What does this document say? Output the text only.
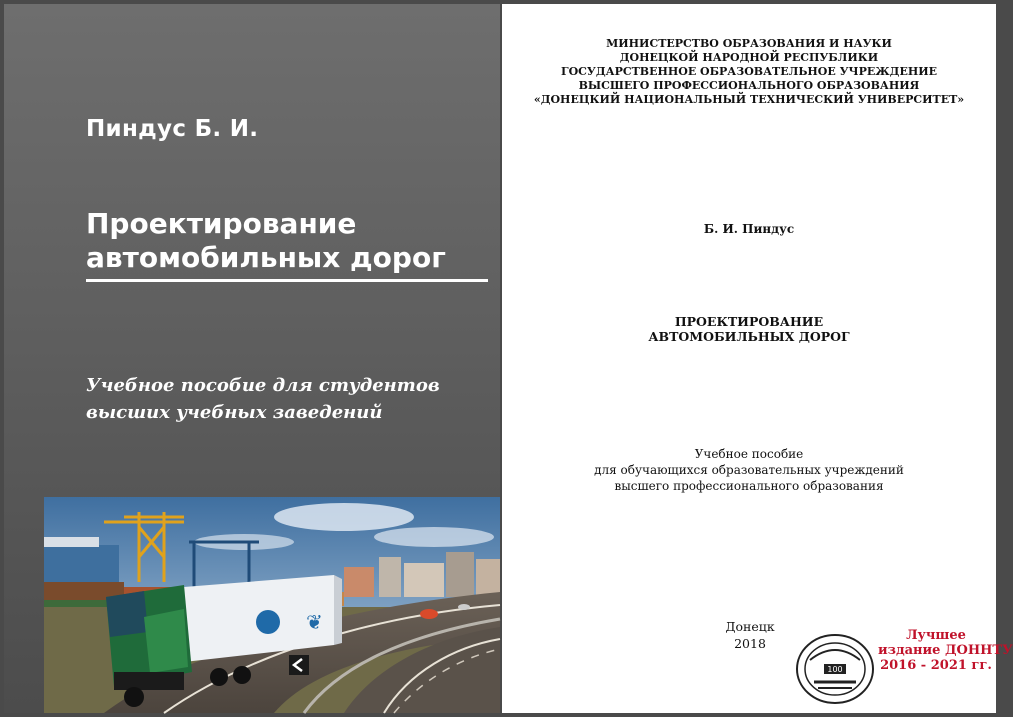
Пиндус Б. И.
Проектирование
автомобильных дорог
Учебное пособие для студентов
высших учебных заведений
❦
МИНИСТЕРСТВО ОБРАЗОВАНИЯ И НАУКИ
ДОНЕЦКОЙ НАРОДНОЙ РЕСПУБЛИКИ
ГОСУДАРСТВЕННОЕ ОБРАЗОВАТЕЛЬНОЕ УЧРЕЖДЕНИЕ
ВЫСШЕГО ПРОФЕССИОНАЛЬНОГО ОБРАЗОВАНИЯ
«ДОНЕЦКИЙ НАЦИОНАЛЬНЫЙ ТЕХНИЧЕСКИЙ УНИВЕРСИТЕТ»
Б. И. Пиндус
ПРОЕКТИРОВАНИЕ
АВТОМОБИЛЬНЫХ ДОРОГ
Учебное пособие
для обучающихся образовательных учреждений
высшего профессионального образования
Донецк
2018
100
Лучшее
издание ДОННТУ
2016 - 2021 гг.
